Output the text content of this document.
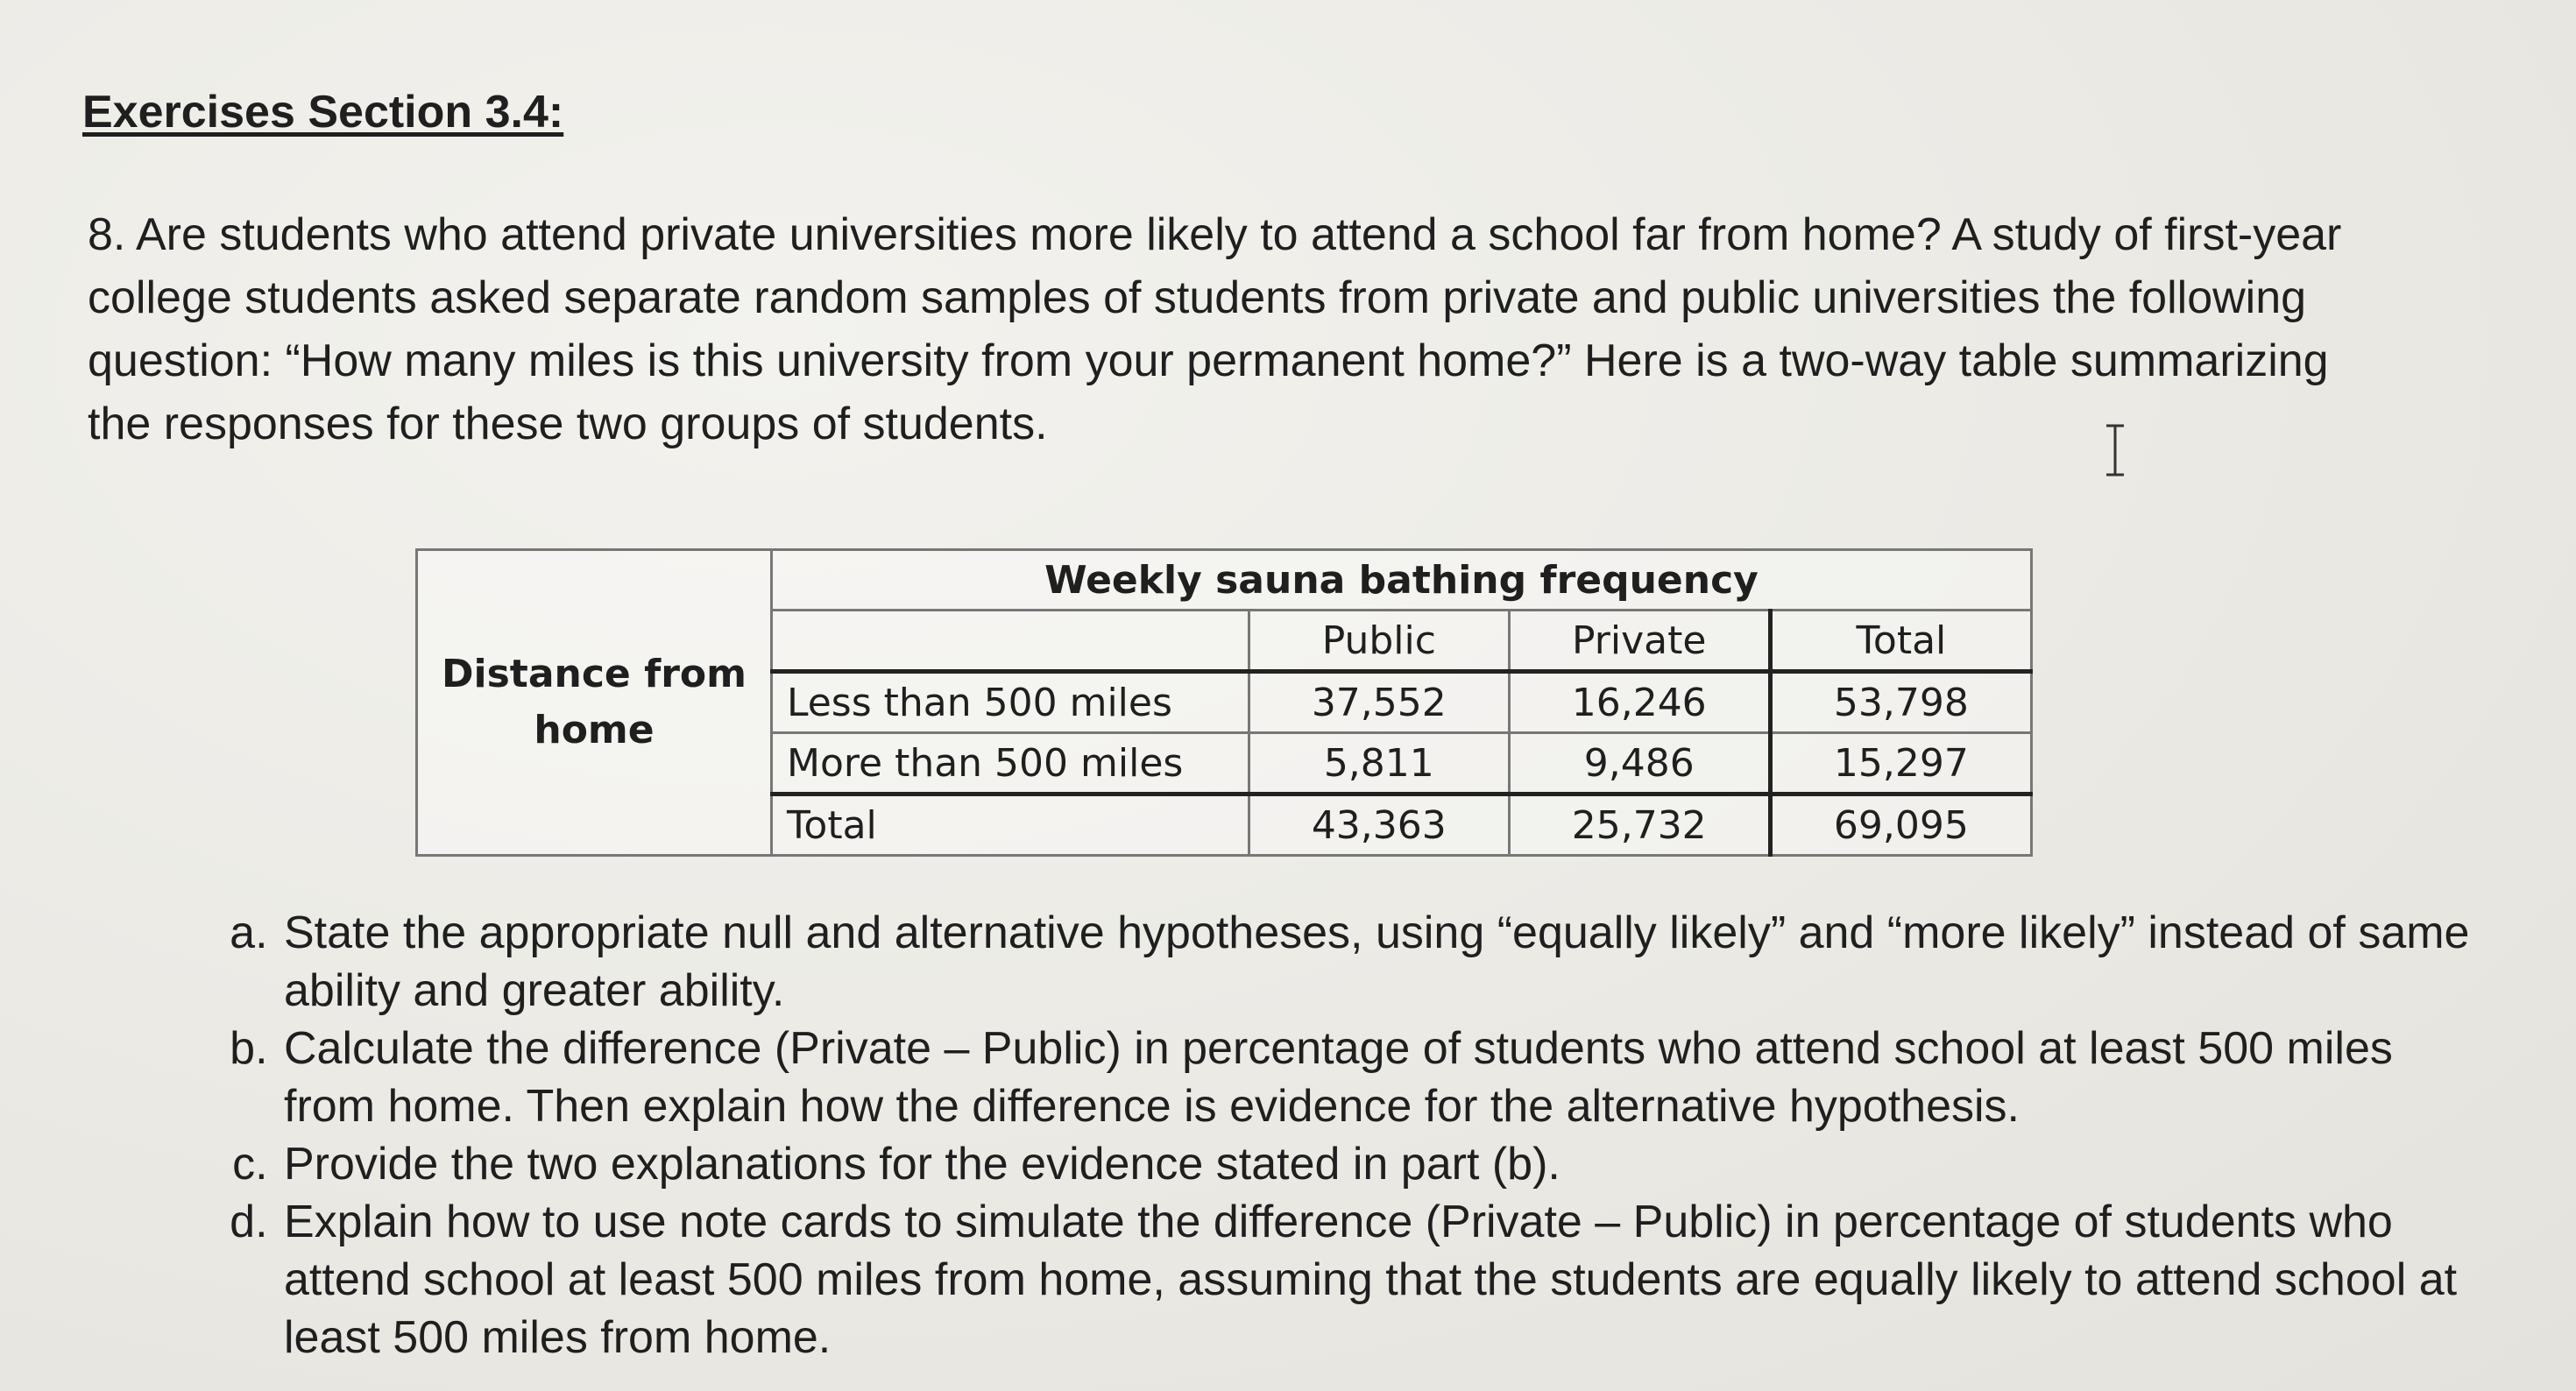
Exercises Section 3.4:

8. Are students who attend private universities more likely to attend a school far from home? A study of first-year college students asked separate random samples of students from private and public universities the following question: “How many miles is this university from your permanent home?” Here is a two-way table summarizing the responses for these two groups of students.

Distance from home	Weekly sauna bathing frequency			
		Public	Private	Total
	Less than 500 miles	37,552	16,246	53,798
	More than 500 miles	5,811	9,486	15,297
	Total	43,363	25,732	69,095
a. State the appropriate null and alternative hypotheses, using “equally likely” and “more likely” instead of same ability and greater ability.
b. Calculate the difference (Private – Public) in percentage of students who attend school at least 500 miles from home. Then explain how the difference is evidence for the alternative hypothesis.
c. Provide the two explanations for the evidence stated in part (b).
d. Explain how to use note cards to simulate the difference (Private – Public) in percentage of students who attend school at least 500 miles from home, assuming that the students are equally likely to attend school at least 500 miles from home.
